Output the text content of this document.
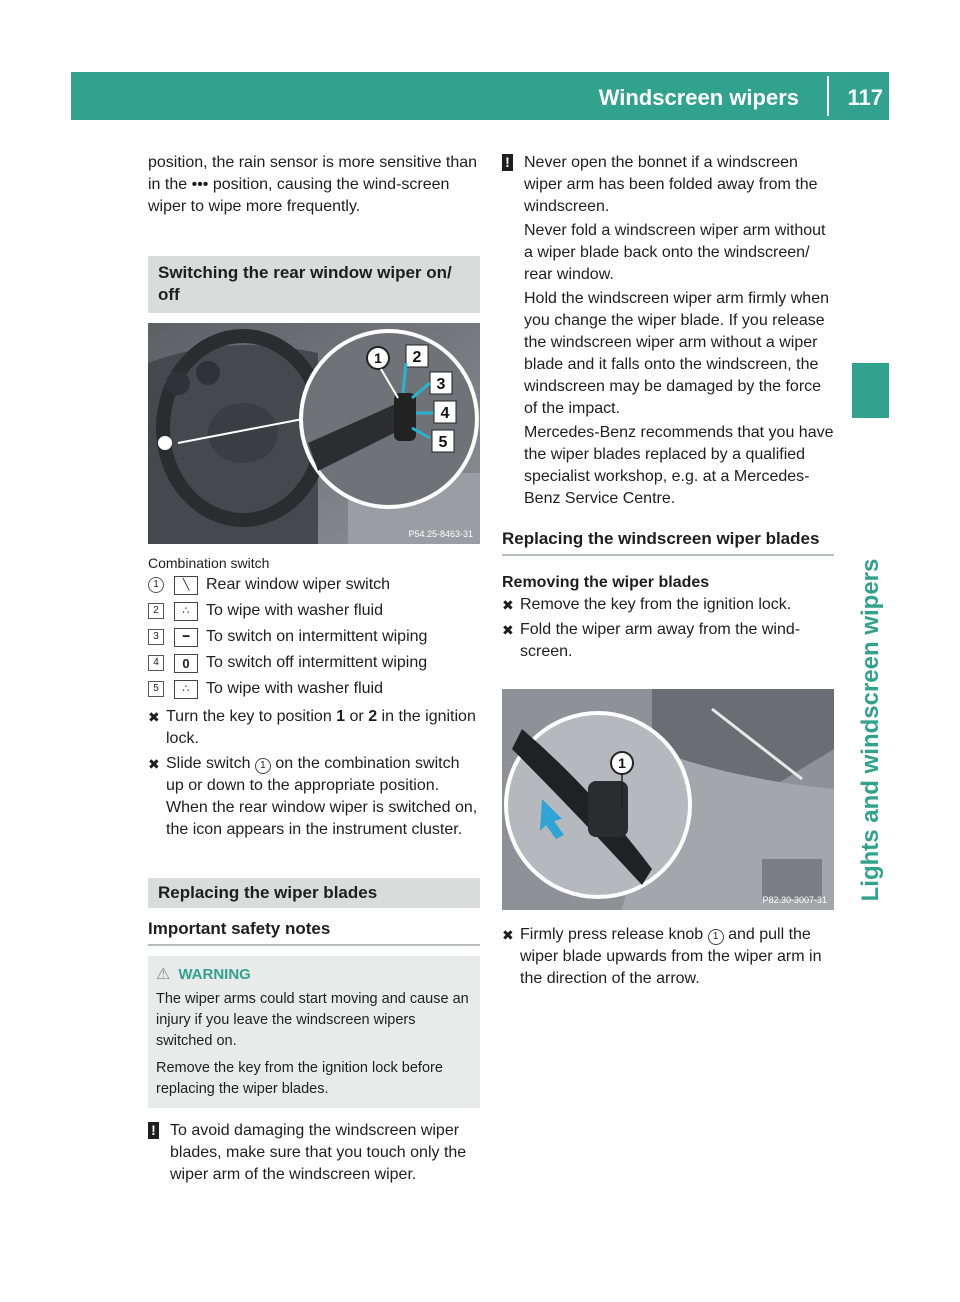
Windscreen wipers	117
Lights and windscreen wipers

position, the rain sensor is more sensitive than in the ••• position, causing the wind-screen wiper to wipe more frequently.

Switching the rear window wiper on/ off
1 2
3
4
5
P54.25-8463-31

Combination switch

1	╲	Rear window wiper switch
2	∴	To wipe with washer fluid
3	━	To switch on intermittent wiping
4	0	To switch off intermittent wiping
5	∴	To wipe with washer fluid

✖ Turn the key to position 1 or 2 in the ignition lock.

✖ Slide switch 1 on the combination switch up or down to the appropriate position.

When the rear window wiper is switched on, the icon appears in the instrument cluster.

Replacing the wiper blades
Important safety notes
⚠ WARNING

The wiper arms could start moving and cause an injury if you leave the windscreen wipers switched on.

Remove the key from the ignition lock before replacing the wiper blades.

! To avoid damaging the windscreen wiper blades, make sure that you touch only the wiper arm of the windscreen wiper.

! Never open the bonnet if a windscreen wiper arm has been folded away from the windscreen.

Never fold a windscreen wiper arm without a wiper blade back onto the windscreen/ rear window.

Hold the windscreen wiper arm firmly when you change the wiper blade. If you release the windscreen wiper arm without a wiper blade and it falls onto the windscreen, the windscreen may be damaged by the force of the impact.

Mercedes-Benz recommends that you have the wiper blades replaced by a qualified specialist workshop, e.g. at a Mercedes-Benz Service Centre.

Replacing the windscreen wiper blades

Removing the wiper blades

✖ Remove the key from the ignition lock.

✖ Fold the wiper arm away from the wind-screen.

1
P82.30-3007-31

✖ Firmly press release knob 1 and pull the wiper blade upwards from the wiper arm in the direction of the arrow.
